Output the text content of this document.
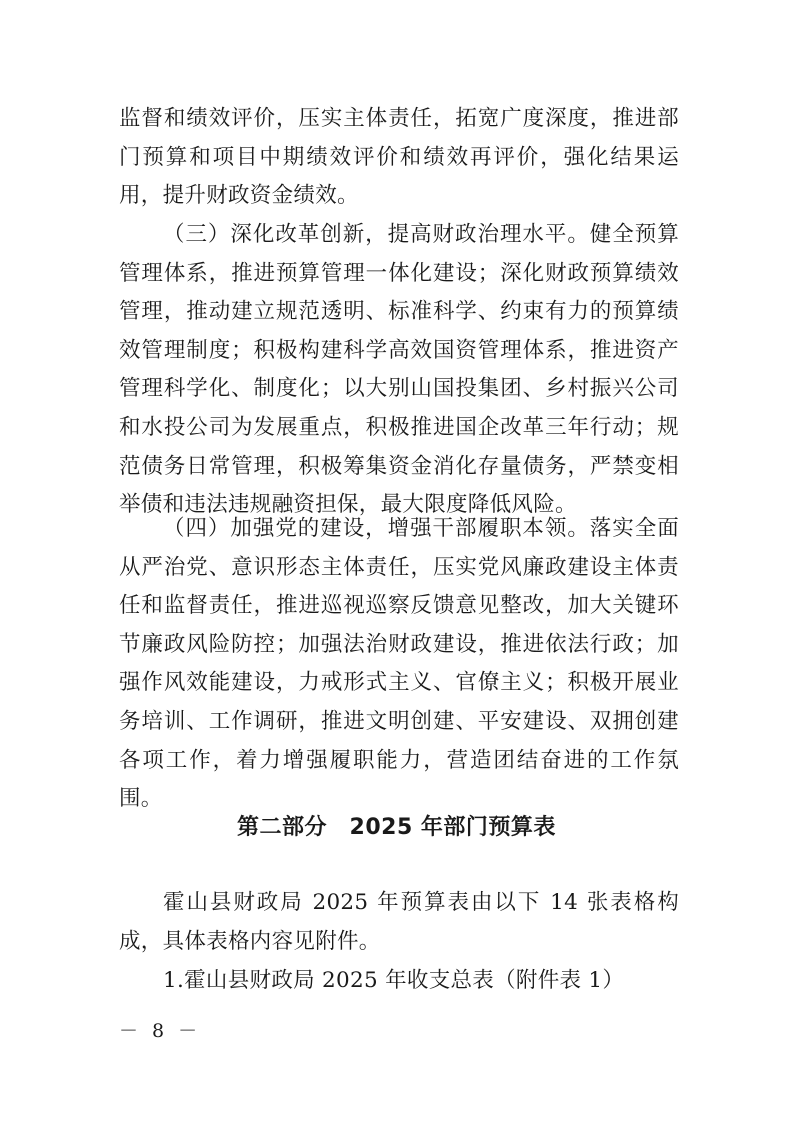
监督和绩效评价，压实主体责任，拓宽广度深度，推进部门预算和项目中期绩效评价和绩效再评价，强化结果运用，提升财政资金绩效。

（三）深化改革创新，提高财政治理水平。健全预算管理体系，推进预算管理一体化建设；深化财政预算绩效管理，推动建立规范透明、标准科学、约束有力的预算绩效管理制度；积极构建科学高效国资管理体系，推进资产管理科学化、制度化；以大别山国投集团、乡村振兴公司和水投公司为发展重点，积极推进国企改革三年行动；规范债务日常管理，积极筹集资金消化存量债务，严禁变相举债和违法违规融资担保，最大限度降低风险。

（四）加强党的建设，增强干部履职本领。落实全面从严治党、意识形态主体责任，压实党风廉政建设主体责任和监督责任，推进巡视巡察反馈意见整改，加大关键环节廉政风险防控；加强法治财政建设，推进依法行政；加强作风效能建设，力戒形式主义、官僚主义；积极开展业务培训、工作调研，推进文明创建、平安建设、双拥创建各项工作，着力增强履职能力，营造团结奋进的工作氛围。

第二部分　2025 年部门预算表

霍山县财政局 2025 年预算表由以下 14 张表格构成，具体表格内容见附件。

1.霍山县财政局 2025 年收支总表（附件表 1）

－ 8 －
